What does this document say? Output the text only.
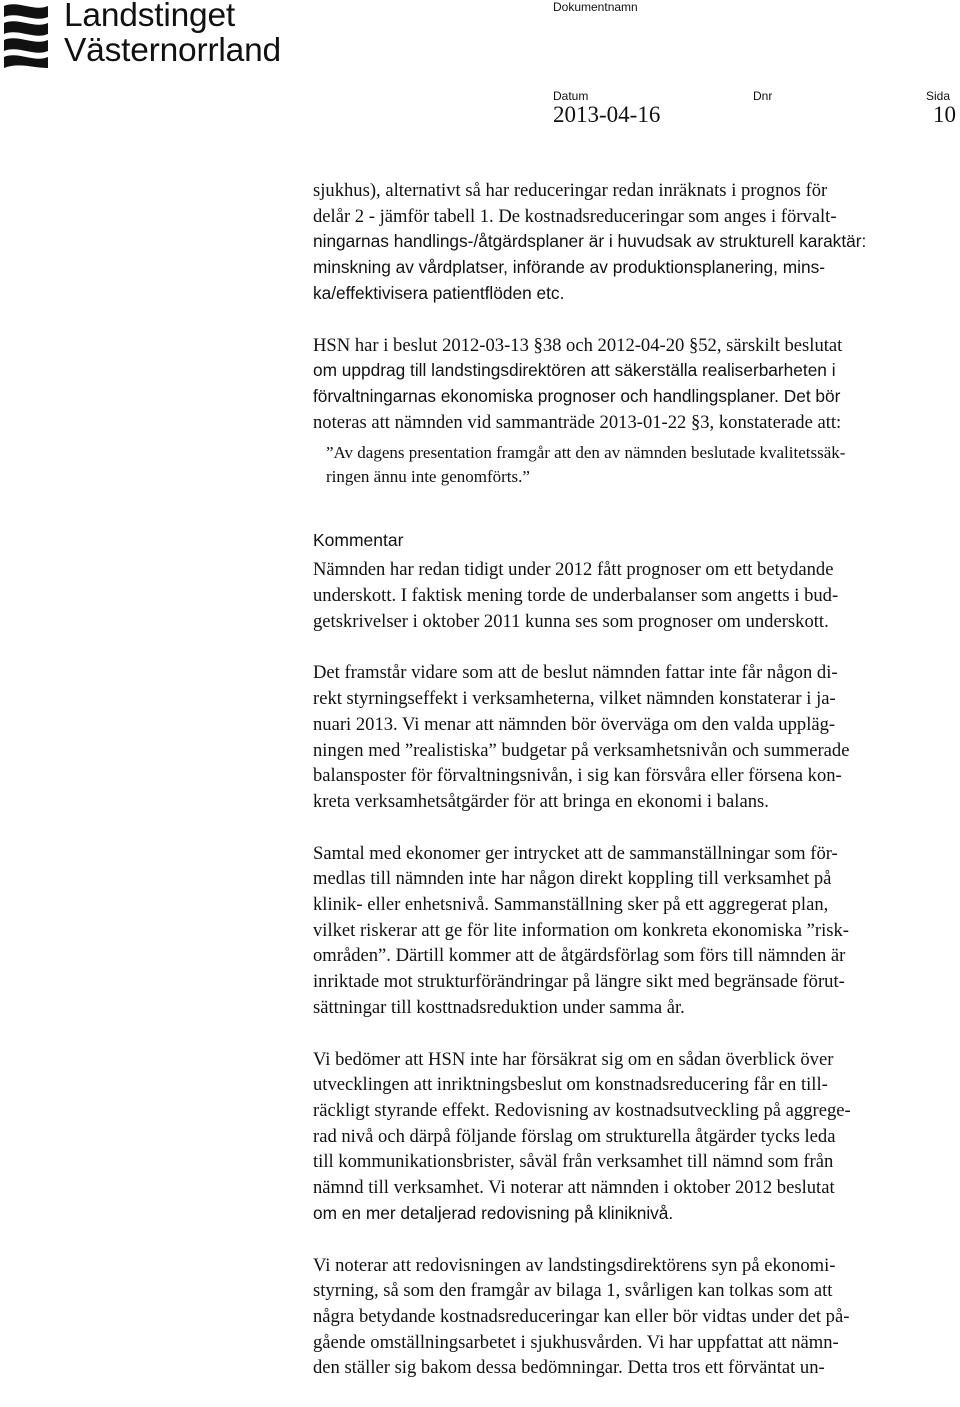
Landstinget
Västernorrland
Dokumentnamn
Datum	Dnr	Sida
2013-04-16	10

sjukhus), alternativt så har reduceringar redan inräknats i prognos för
delår 2 - jämför tabell 1. De kostnadsreduceringar som anges i förvalt-
ningarnas handlings-/åtgärdsplaner är i huvudsak av strukturell karaktär:
minskning av vårdplatser, införande av produktionsplanering, mins-
ka/effektivisera patientflöden etc.

HSN har i beslut 2012-03-13 §38 och 2012-04-20 §52, särskilt beslutat
om uppdrag till landstingsdirektören att säkerställa realiserbarheten i
förvaltningarnas ekonomiska prognoser och handlingsplaner. Det bör
noteras att nämnden vid sammanträde 2013-01-22 §3, konstaterade att:

”Av dagens presentation framgår att den av nämnden beslutade kvalitetssäk-
ringen ännu inte genomförts.”
Kommentar

Nämnden har redan tidigt under 2012 fått prognoser om ett betydande
underskott. I faktisk mening torde de underbalanser som angetts i bud-
getskrivelser i oktober 2011 kunna ses som prognoser om underskott.

Det framstår vidare som att de beslut nämnden fattar inte får någon di-
rekt styrningseffekt i verksamheterna, vilket nämnden konstaterar i ja-
nuari 2013. Vi menar att nämnden bör överväga om den valda uppläg-
ningen med ”realistiska” budgetar på verksamhetsnivån och summerade
balansposter för förvaltningsnivån, i sig kan försvåra eller försena kon-
kreta verksamhetsåtgärder för att bringa en ekonomi i balans.

Samtal med ekonomer ger intrycket att de sammanställningar som för-
medlas till nämnden inte har någon direkt koppling till verksamhet på
klinik- eller enhetsnivå. Sammanställning sker på ett aggregerat plan,
vilket riskerar att ge för lite information om konkreta ekonomiska ”risk-
områden”. Därtill kommer att de åtgärdsförlag som förs till nämnden är
inriktade mot strukturförändringar på längre sikt med begränsade förut-
sättningar till kosttnadsreduktion under samma år.

Vi bedömer att HSN inte har försäkrat sig om en sådan överblick över
utvecklingen att inriktningsbeslut om konstnadsreducering får en till-
räckligt styrande effekt. Redovisning av kostnadsutveckling på aggrege-
rad nivå och därpå följande förslag om strukturella åtgärder tycks leda
till kommunikationsbrister, såväl från verksamhet till nämnd som från
nämnd till verksamhet. Vi noterar att nämnden i oktober 2012 beslutat
om en mer detaljerad redovisning på kliniknivå.

Vi noterar att redovisningen av landstingsdirektörens syn på ekonomi-
styrning, så som den framgår av bilaga 1, svårligen kan tolkas som att
några betydande kostnadsreduceringar kan eller bör vidtas under det på-
gående omställningsarbetet i sjukhusvården. Vi har uppfattat att nämn-
den ställer sig bakom dessa bedömningar. Detta tros ett förväntat un-
